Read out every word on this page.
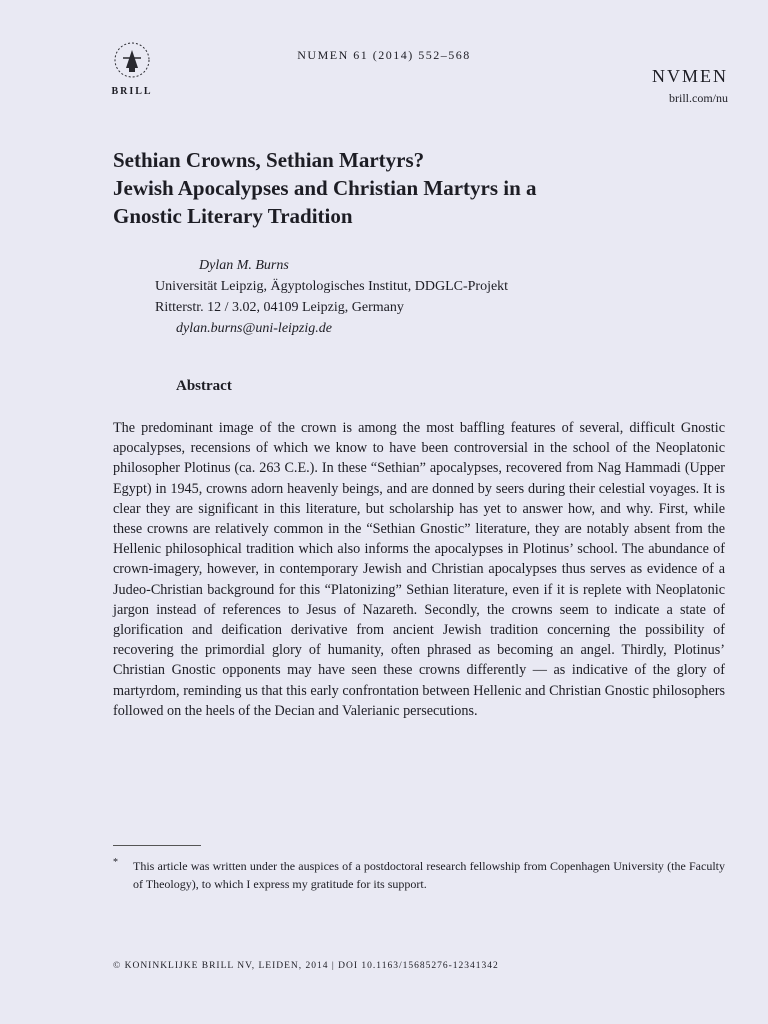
BRILL
NUMEN 61 (2014) 552–568
NVMEN
brill.com/nu
Sethian Crowns, Sethian Martyrs?
Jewish Apocalypses and Christian Martyrs in a
Gnostic Literary Tradition
Dylan M. Burns
Universität Leipzig, Ägyptologisches Institut, DDGLC-Projekt
Ritterstr. 12 / 3.02, 04109 Leipzig, Germany
dylan.burns@uni-leipzig.de
Abstract

The predominant image of the crown is among the most baffling features of several, difficult Gnostic apocalypses, recensions of which we know to have been controversial in the school of the Neoplatonic philosopher Plotinus (ca. 263 C.E.). In these “Sethian” apocalypses, recovered from Nag Hammadi (Upper Egypt) in 1945, crowns adorn heavenly beings, and are donned by seers during their celestial voyages. It is clear they are significant in this literature, but scholarship has yet to answer how, and why. First, while these crowns are relatively common in the “Sethian Gnostic” literature, they are notably absent from the Hellenic philosophical tradition which also informs the apocalypses in Plotinus’ school. The abundance of crown-imagery, however, in contemporary Jewish and Christian apocalypses thus serves as evidence of a Judeo-Christian background for this “Platonizing” Sethian literature, even if it is replete with Neoplatonic jargon instead of references to Jesus of Nazareth. Secondly, the crowns seem to indicate a state of glorification and deification derivative from ancient Jewish tradition concerning the possibility of recovering the primordial glory of humanity, often phrased as becoming an angel. Thirdly, Plotinus’ Christian Gnostic opponents may have seen these crowns differently — as indicative of the glory of martyrdom, reminding us that this early confrontation between Hellenic and Christian Gnostic philosophers followed on the heels of the Decian and Valerianic persecutions.

*	This article was written under the auspices of a postdoctoral research fellowship from Copenhagen University (the Faculty of Theology), to which I express my gratitude for its support.
© KONINKLIJKE BRILL NV, LEIDEN, 2014 | DOI 10.1163/15685276-12341342
